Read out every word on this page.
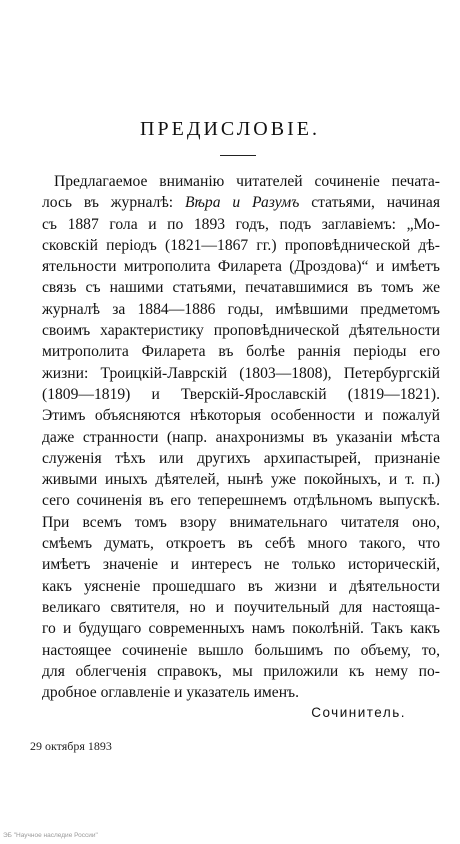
ПРЕДИСЛОВІЕ.
Предлагаемое вниманію читателей сочиненіе печата-
лось въ журналѣ: Вѣра и Разумъ статьями, начиная
съ 1887 гола и по 1893 годъ, подъ заглавіемъ: „Мо-
сковскій періодъ (1821—1867 гг.) проповѣднической дѣ-
ятельности митрополита Филарета (Дроздова)“ и имѣетъ
связь съ нашими статьями, печатавшимися въ томъ же
журналѣ за 1884—1886 годы, имѣвшими предметомъ
своимъ характеристику проповѣднической дѣятельности
митрополита Филарета въ болѣе раннія періоды его
жизни: Троицкій-Лаврскій (1803—1808), Петербургскій
(1809—1819) и Тверскій-Ярославскій (1819—1821).
Этимъ объясняются нѣкоторыя особенности и пожалуй
даже странности (напр. анахронизмы въ указаніи мѣста
служенія тѣхъ или другихъ архипастырей, признаніе
живыми иныхъ дѣятелей, нынѣ уже покойныхъ, и т. п.)
сего сочиненія въ его теперешнемъ отдѣльномъ выпускѣ.
При всемъ томъ взору внимательнаго читателя оно,
смѣемъ думать, откроетъ въ себѣ много такого, что
имѣетъ значеніе и интересъ не только историческій,
какъ уясненіе прошедшаго въ жизни и дѣятельности
великаго святителя, но и поучительный для настояща-
го и будущаго современныхъ намъ поколѣній. Такъ какъ
настоящее сочиненіе вышло большимъ по объему, то,
для облегченія справокъ, мы приложили къ нему по-
дробное оглавленіе и указатель именъ.
Сочинитель.
29 октября 1893
ЭБ "Научное наследие России"
